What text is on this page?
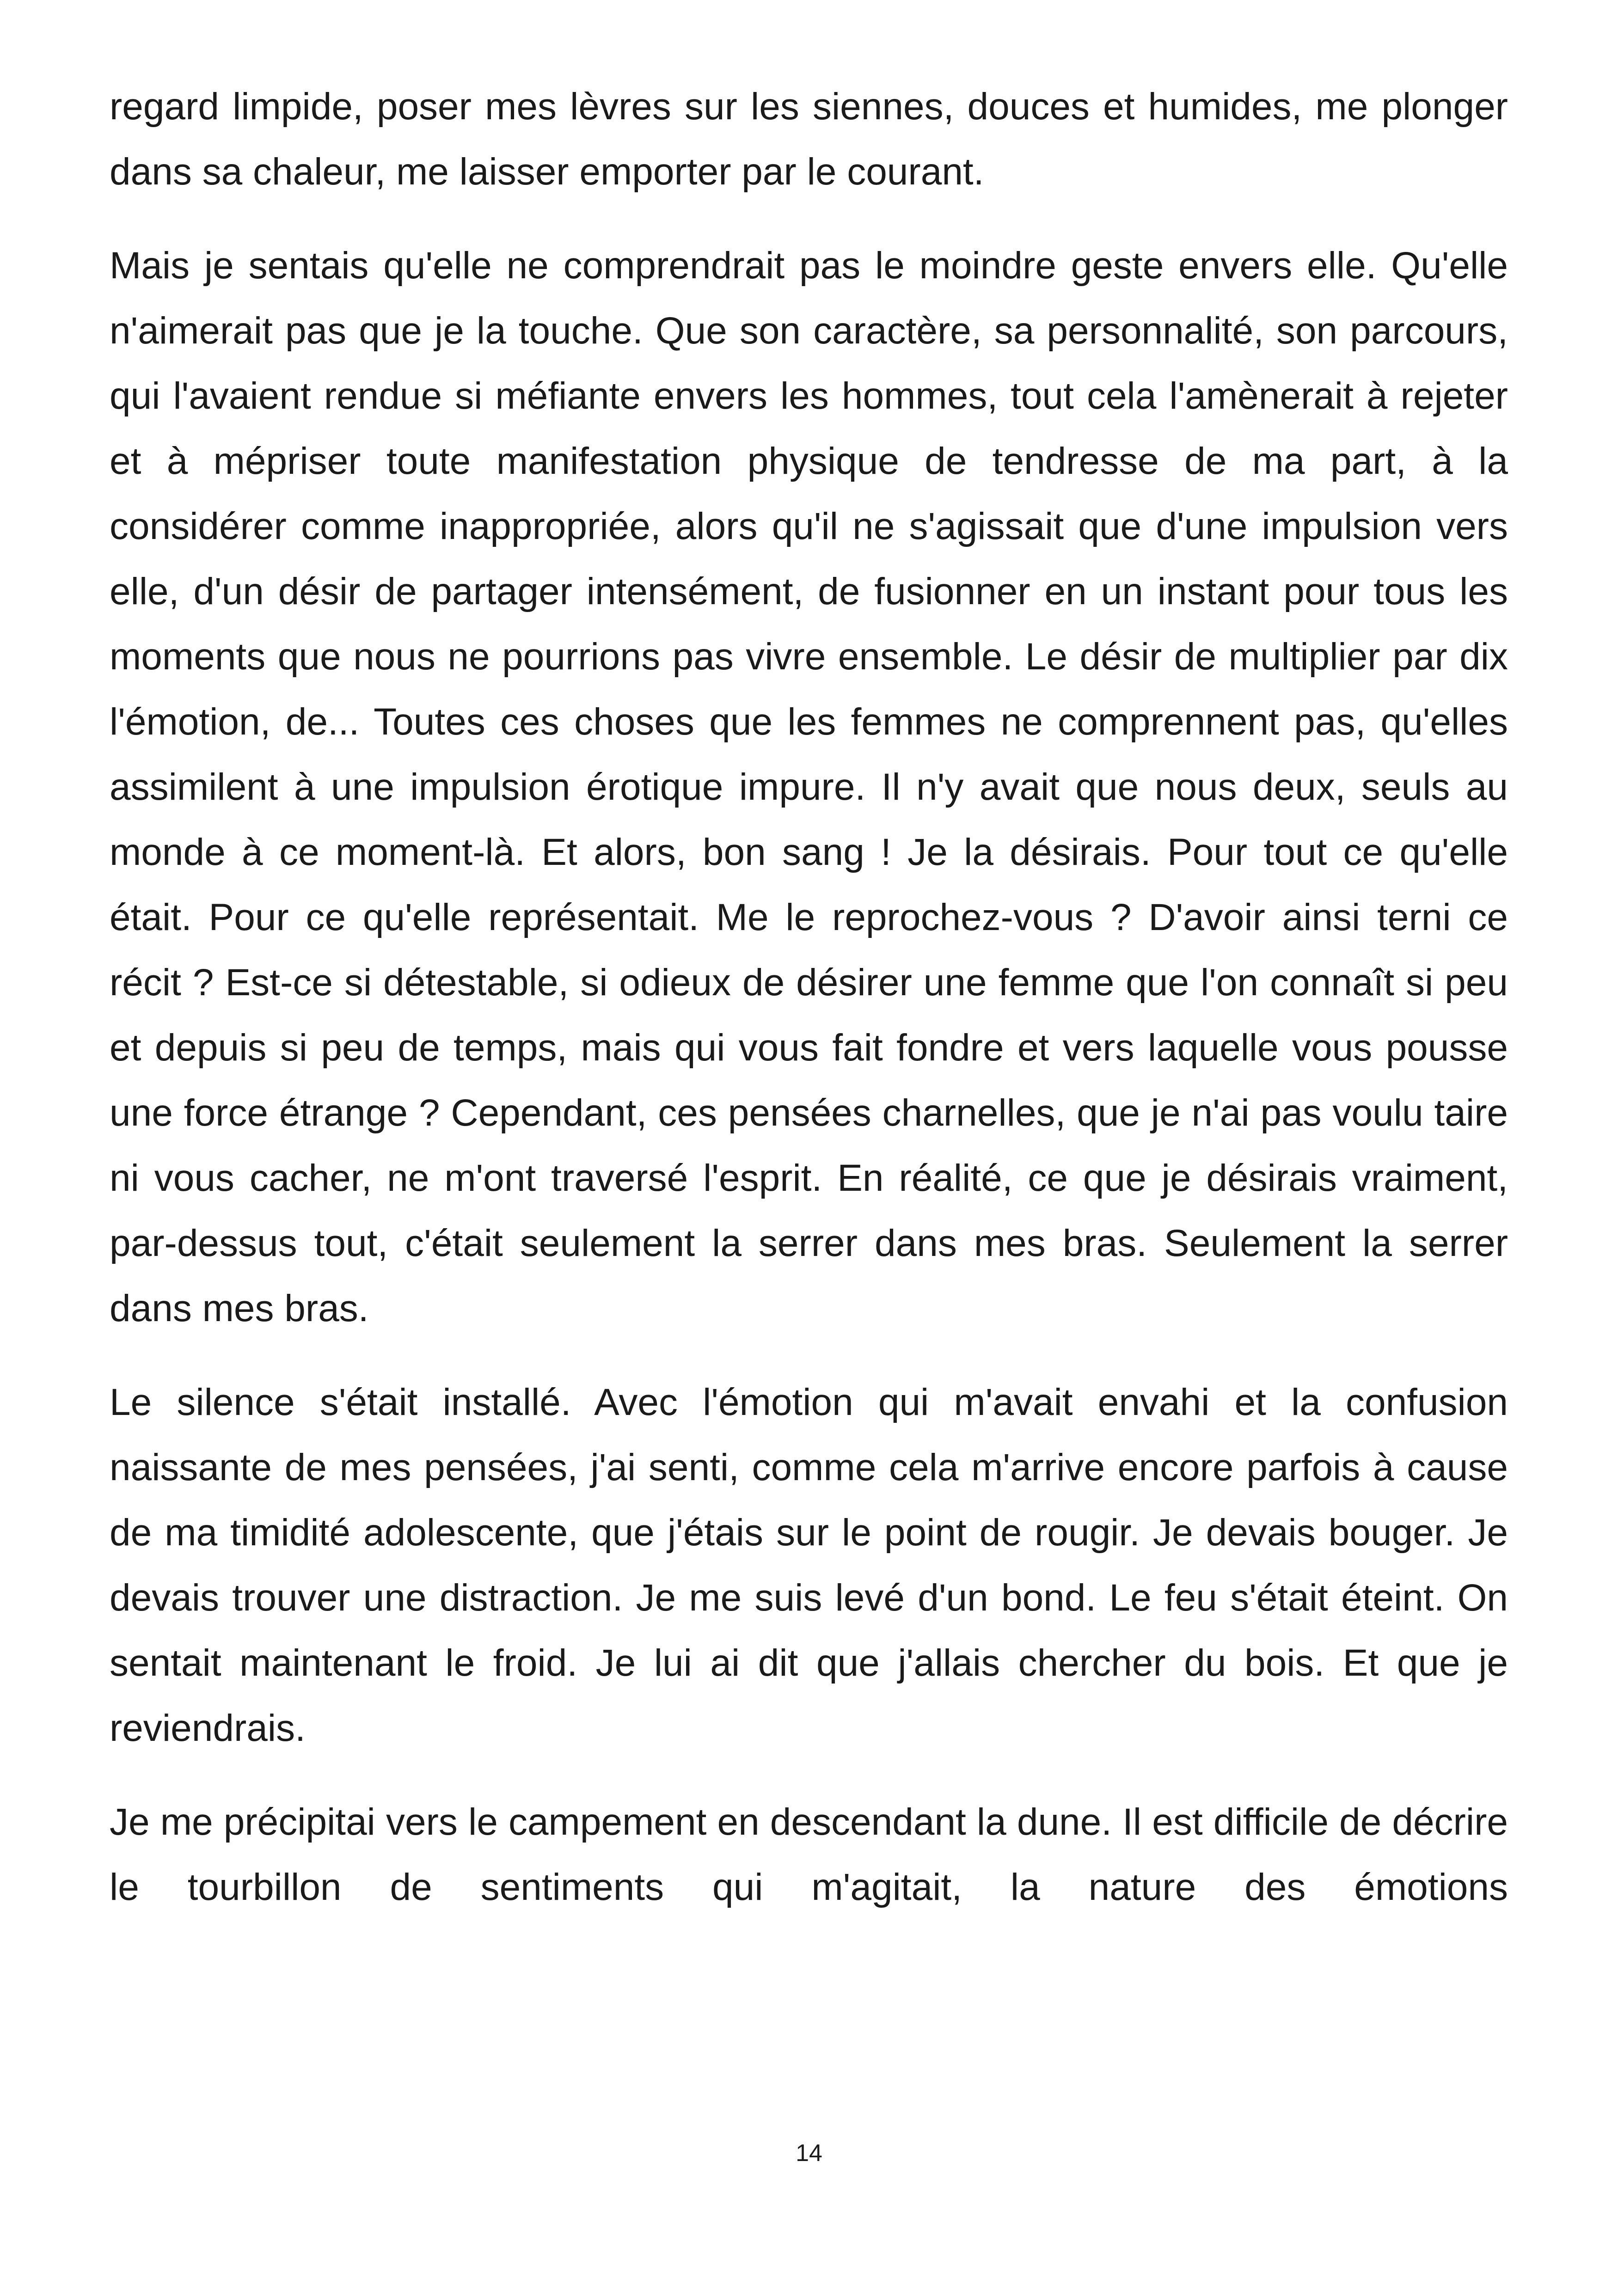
regard limpide, poser mes lèvres sur les siennes, douces et humides, me plonger dans sa chaleur, me laisser emporter par le courant.

Mais je sentais qu'elle ne comprendrait pas le moindre geste envers elle. Qu'elle n'aimerait pas que je la touche. Que son caractère, sa personnalité, son parcours, qui l'avaient rendue si méfiante envers les hommes, tout cela l'amènerait à rejeter et à mépriser toute manifestation physique de tendresse de ma part, à la considérer comme inappropriée, alors qu'il ne s'agissait que d'une impulsion vers elle, d'un désir de partager intensément, de fusionner en un instant pour tous les moments que nous ne pourrions pas vivre ensemble. Le désir de multiplier par dix l'émotion, de... Toutes ces choses que les femmes ne comprennent pas, qu'elles assimilent à une impulsion érotique impure. Il n'y avait que nous deux, seuls au monde à ce moment-là. Et alors, bon sang ! Je la désirais. Pour tout ce qu'elle était. Pour ce qu'elle représentait. Me le reprochez-vous ? D'avoir ainsi terni ce récit ? Est-ce si détestable, si odieux de désirer une femme que l'on connaît si peu et depuis si peu de temps, mais qui vous fait fondre et vers laquelle vous pousse une force étrange ? Cependant, ces pensées charnelles, que je n'ai pas voulu taire ni vous cacher, ne m'ont traversé l'esprit. En réalité, ce que je désirais vraiment, par-dessus tout, c'était seulement la serrer dans mes bras. Seulement la serrer dans mes bras.

Le silence s'était installé. Avec l'émotion qui m'avait envahi et la confusion naissante de mes pensées, j'ai senti, comme cela m'arrive encore parfois à cause de ma timidité adolescente, que j'étais sur le point de rougir. Je devais bouger. Je devais trouver une distraction. Je me suis levé d'un bond. Le feu s'était éteint. On sentait maintenant le froid. Je lui ai dit que j'allais chercher du bois. Et que je reviendrais.

Je me précipitai vers le campement en descendant la dune. Il est difficile de décrire le tourbillon de sentiments qui m'agitait, la nature des émotions

14
